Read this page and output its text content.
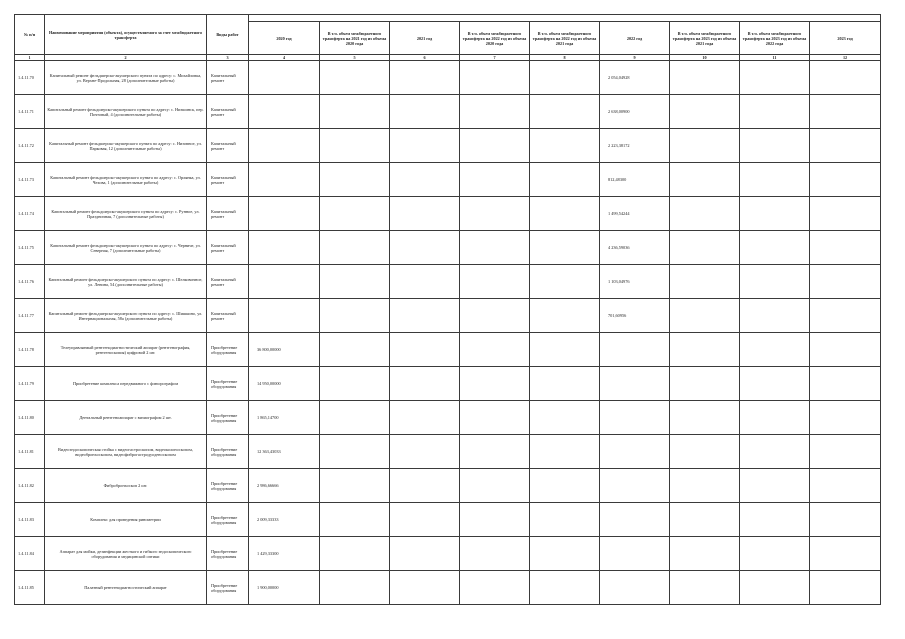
№ п/п	Наименование мероприятия (объекта), осуществляемого за счет межбюджетного трансферта	Виды работ									
			2020 год	В т.ч. объем межбюджетного трансферта на 2021 год из объема 2020 года	2021 год	В т.ч. объем межбюджетного трансферта на 2022 год из объема 2020 года	В т.ч. объем межбюджетного трансферта на 2022 год из объема 2021 года	2022 год	В т.ч. объем межбюджетного трансферта на 2023 год из объема 2021 года	В т.ч. объем межбюджетного трансферта на 2023 год из объема 2022 года	2023 год
1	2	3	4	5	6	7	8	9	10	11	12
1.4.11.70	Капитальный ремонт фельдшерско-акушерского пункта по адресу: с. Михайловка, ул. Верхне-Продольная, 28 (дополнительные работы)	Капитальный ремонт						2 054,04928			
1.4.11.71	Капитальный ремонт фельдшерско-акушерского пункта по адресу: с. Низшинск, пер. Почтовый, 4 (дополнительные работы)	Капитальный ремонт						2 638,00900			
1.4.11.72	Капитальный ремонт фельдшерско-акушерского пункта по адресу: с. Низовное, ул. Парковая, 12 (дополнительные работы)	Капитальный ремонт						2 223,38172			
1.4.11.73	Капитальный ремонт фельдшерско-акушерского пункта по адресу: с. Орлянка, ул. Чехова, 1 (дополнительные работы)	Капитальный ремонт						812,48300			
1.4.11.74	Капитальный ремонт фельдшерско-акушерского пункта по адресу: с. Рунное, ул. Праздничная, 7 (дополнительные работы)	Капитальный ремонт						1 499,54244			
1.4.11.75	Капитальный ремонт фельдшерско-акушерского пункта по адресу: с. Черниче, ул. Северная, 7 (дополнительные работы)	Капитальный ремонт						4 236,59036			
1.4.11.76	Капитальный ремонт фельдшерско-акушерского пункта по адресу: с. Шелковичное, ул. Ленина, 54 (дополнительные работы)	Капитальный ремонт						1 103,04976			
1.4.11.77	Капитальный ремонт фельдшерско-акушерского пункта по адресу: с. Шишкино, ул. Интернациональная, 58а (дополнительные работы)	Капитальный ремонт						701,60956			
1.4.11.78	Телеуправляемый рентгенодиагностический аппарат (рентгенография, рентгеноскопия) цифровой 2 шт.	Приобретение оборудования	36 800,00000								
1.4.11.79	Приобретение комплекса передвижного с флюорографом	Приобретение оборудования	14 950,00000								
1.4.11.80	Дентальный рентгеноаппарат с визиографом 2 шт.	Приобретение оборудования	1 865,14700								
1.4.11.81	Видеоэндоскопическая стойка с видеогастроскопом, видеоколоноскопом, видеобронхоскопом, видеофиброгастродуоденоскопом	Приобретение оборудования	12 363,43033								
1.4.11.82	Фибробронхоскоп 2 шт.	Приобретение оборудования	2 986,66666								
1.4.11.83	Комплекс для проведения ринометрии	Приобретение оборудования	2 009,33333								
1.4.11.84	Аппарат для мойки, дезинфекции жесткого и гибкого эндоскопического оборудования и медицинской оптики	Приобретение оборудования	1 429,33300								
1.4.11.85	Палатный рентгенодиагностический аппарат	Приобретение оборудования	1 900,00000								
